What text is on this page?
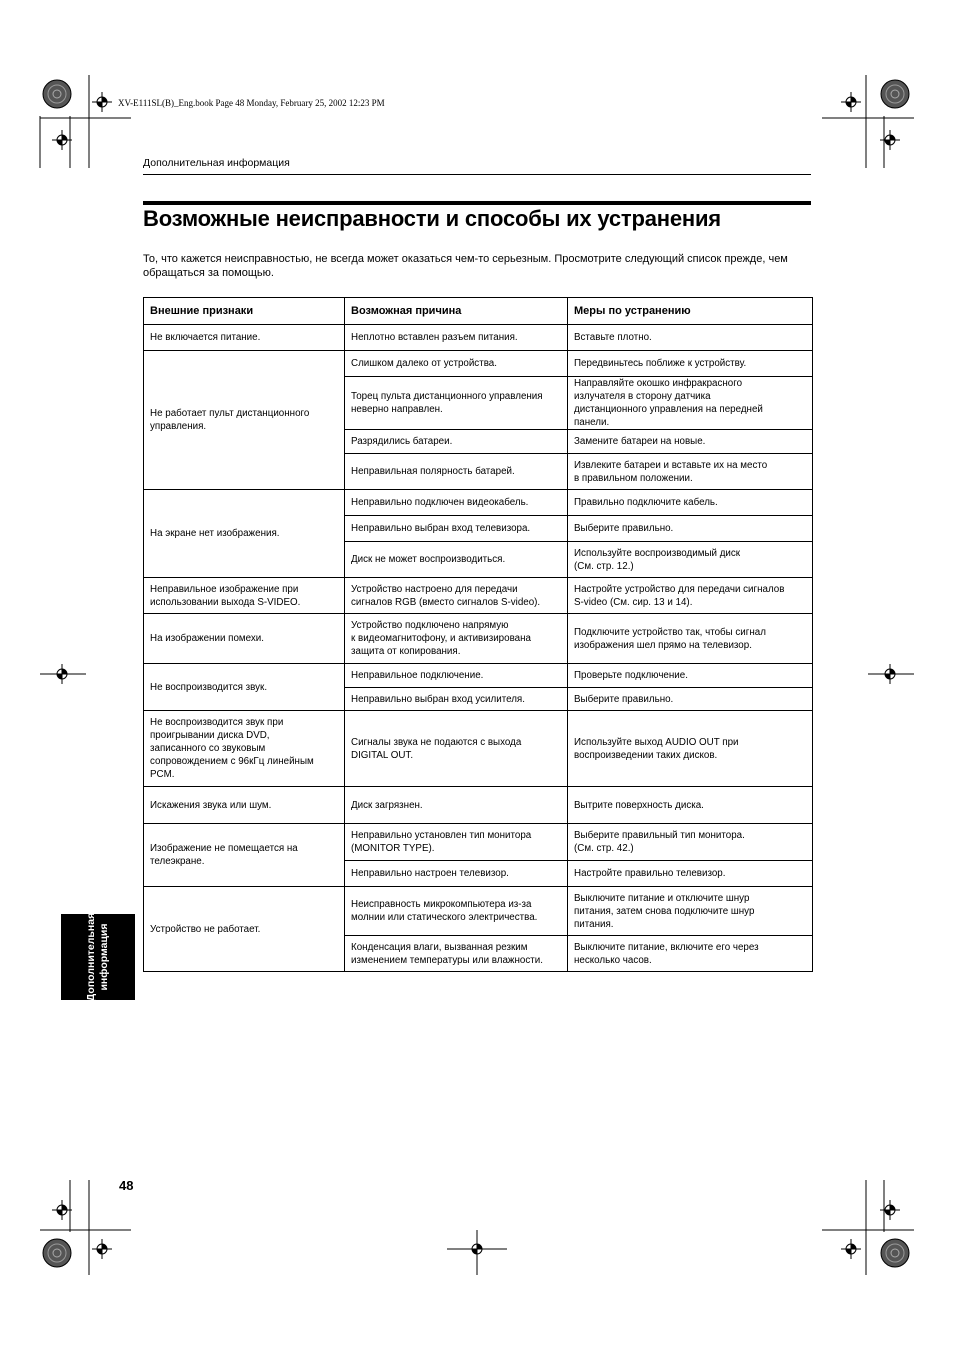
XV-E111SL(B)_Eng.book Page 48 Monday, February 25, 2002 12:23 PM
Дополнительная информация
Возможные неисправности и способы их устранения
То, что кажется неисправностью, не всегда может оказаться чем-то серьезным. Просмотрите следующий список прежде, чем обращаться за помощью.
Внешние признаки	Возможная причина	Меры по устранению
Не включается питание.	Неплотно вставлен разъем питания.	Вставьте плотно.
Не работает пульт дистанционного
управления.	Слишком далеко от устройства.	Передвиньтесь поближе к устройству.
	Торец пульта дистанционного управления
неверно направлен.	Направляйте окошко инфракрасного
излучателя в сторону датчика
дистанционного управления на передней
панели.
	Разрядились батареи.	Замените батареи на новые.
	Неправильная полярность батарей.	Извлеките батареи и вставьте их на место
в правильном положении.
На экране нет изображения.	Неправильно подключен видеокабель.	Правильно подключите кабель.
	Неправильно выбран вход телевизора.	Выберите правильно.
	Диск не может воспроизводиться.	Используйте воспроизводимый диск
(См. стр. 12.)
Неправильное изображение при
использовании выхода S-VIDEO.	Устройство настроено для передачи
сигналов RGB (вместо сигналов S-video).	Настройте устройство для передачи сигналов
S-video (См. сир. 13 и 14).
На изображении помехи.	Устройство подключено напрямую
к видеомагнитофону, и активизирована
защита от копирования.	Подключите устройство так, чтобы сигнал
изображения шел прямо на телевизор.
Не воспроизводится звук.	Неправильное подключение.	Проверьте подключение.
	Неправильно выбран вход усилителя.	Выберите правильно.
Не воспроизводится звук при
проигрывании диска DVD,
записанного со звуковым
сопровождением с 96кГц линейным
PCM.	Сигналы звука не подаются с выхода
DIGITAL OUT.	Используйте выход AUDIO OUT при
воспроизведении таких дисков.
Искажения звука или шум.	Диск загрязнен.	Вытрите поверхность диска.
Изображение не помещается на
телеэкране.	Неправильно установлен тип монитора
(MONITOR TYPE).	Выберите правильный тип монитора.
(См. стр. 42.)
	Неправильно настроен телевизор.	Настройте правильно телевизор.
Устройство не работает.	Неисправность микрокомпьютера из-за
молнии или статического электричества.	Выключите питание и отключите шнур
питания, затем снова подключите шнур
питания.
	Конденсация влаги, вызванная резким
изменением температуры или влажности.	Выключите питание, включите его через
несколько часов.
Дополнительная
информация
48
